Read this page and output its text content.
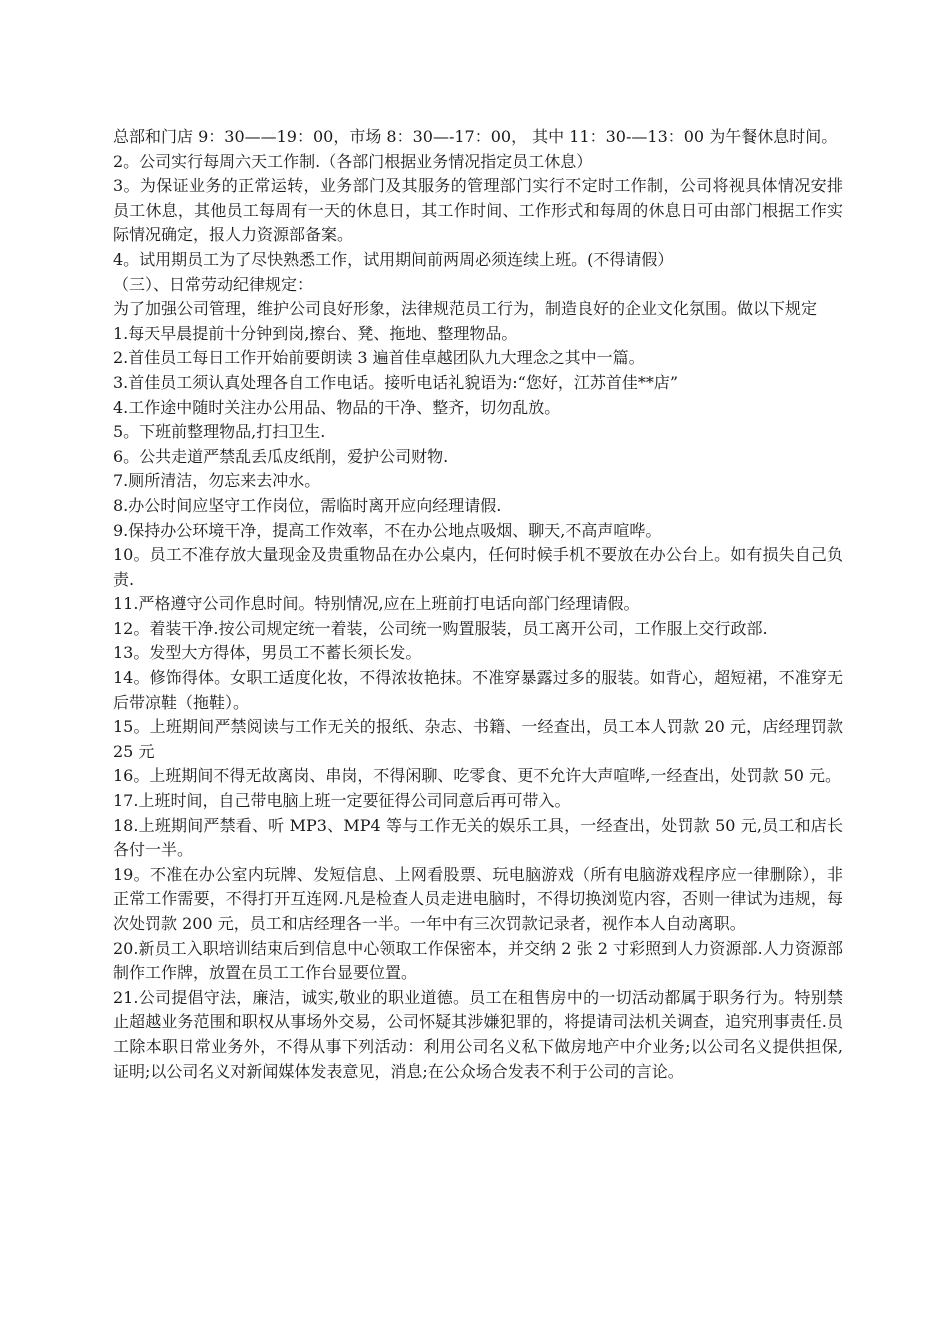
总部和门店 9：30——19：00，市场 8：30—-17：00， 其中 11：30-—13：00 为午餐休息时间。

2。公司实行每周六天工作制.（各部门根据业务情况指定员工休息）

3。为保证业务的正常运转，业务部门及其服务的管理部门实行不定时工作制，公司将视具体情况安排员工休息，其他员工每周有一天的休息日，其工作时间、工作形式和每周的休息日可由部门根据工作实际情况确定，报人力资源部备案。

4。试用期员工为了尽快熟悉工作，试用期间前两周必须连续上班。(不得请假）

（三）、日常劳动纪律规定：

为了加强公司管理，维护公司良好形象，法律规范员工行为，制造良好的企业文化氛围。做以下规定

1.每天早晨提前十分钟到岗,擦台、凳、拖地、整理物品。

2.首佳员工每日工作开始前要朗读 3 遍首佳卓越团队九大理念之其中一篇。

3.首佳员工须认真处理各自工作电话。接听电话礼貌语为:“您好，江苏首佳**店”

4.工作途中随时关注办公用品、物品的干净、整齐，切勿乱放。

5。下班前整理物品,打扫卫生.

6。公共走道严禁乱丢瓜皮纸削，爱护公司财物.

7.厕所清洁，勿忘来去冲水。

8.办公时间应坚守工作岗位，需临时离开应向经理请假.

9.保持办公环境干净，提高工作效率，不在办公地点吸烟、聊天,不高声喧哗。

10。员工不准存放大量现金及贵重物品在办公桌内，任何时候手机不要放在办公台上。如有损失自己负责.

11.严格遵守公司作息时间。特别情况,应在上班前打电话向部门经理请假。

12。着装干净.按公司规定统一着装，公司统一购置服装，员工离开公司，工作服上交行政部.

13。发型大方得体，男员工不蓄长须长发。

14。修饰得体。女职工适度化妆，不得浓妆艳抹。不准穿暴露过多的服装。如背心，超短裙，不准穿无后带凉鞋（拖鞋）。

15。上班期间严禁阅读与工作无关的报纸、杂志、书籍、一经查出，员工本人罚款 20 元，店经理罚款 25 元

16。上班期间不得无故离岗、串岗，不得闲聊、吃零食、更不允许大声喧哗,一经查出，处罚款 50 元。

17.上班时间，自己带电脑上班一定要征得公司同意后再可带入。

18.上班期间严禁看、听 MP3、MP4 等与工作无关的娱乐工具，一经查出，处罚款 50 元,员工和店长各付一半。

19。不准在办公室内玩牌、发短信息、上网看股票、玩电脑游戏（所有电脑游戏程序应一律删除），非正常工作需要，不得打开互连网.凡是检查人员走进电脑时，不得切换浏览内容，否则一律试为违规，每次处罚款 200 元，员工和店经理各一半。一年中有三次罚款记录者，视作本人自动离职。

20.新员工入职培训结束后到信息中心领取工作保密本，并交纳 2 张 2 寸彩照到人力资源部.人力资源部制作工作牌，放置在员工工作台显要位置。

21.公司提倡守法，廉洁，诚实,敬业的职业道德。员工在租售房中的一切活动都属于职务行为。特别禁止超越业务范围和职权从事场外交易，公司怀疑其涉嫌犯罪的，将提请司法机关调查，追究刑事责任.员工除本职日常业务外，不得从事下列活动：利用公司名义私下做房地产中介业务;以公司名义提供担保,证明;以公司名义对新闻媒体发表意见，消息;在公众场合发表不利于公司的言论。
